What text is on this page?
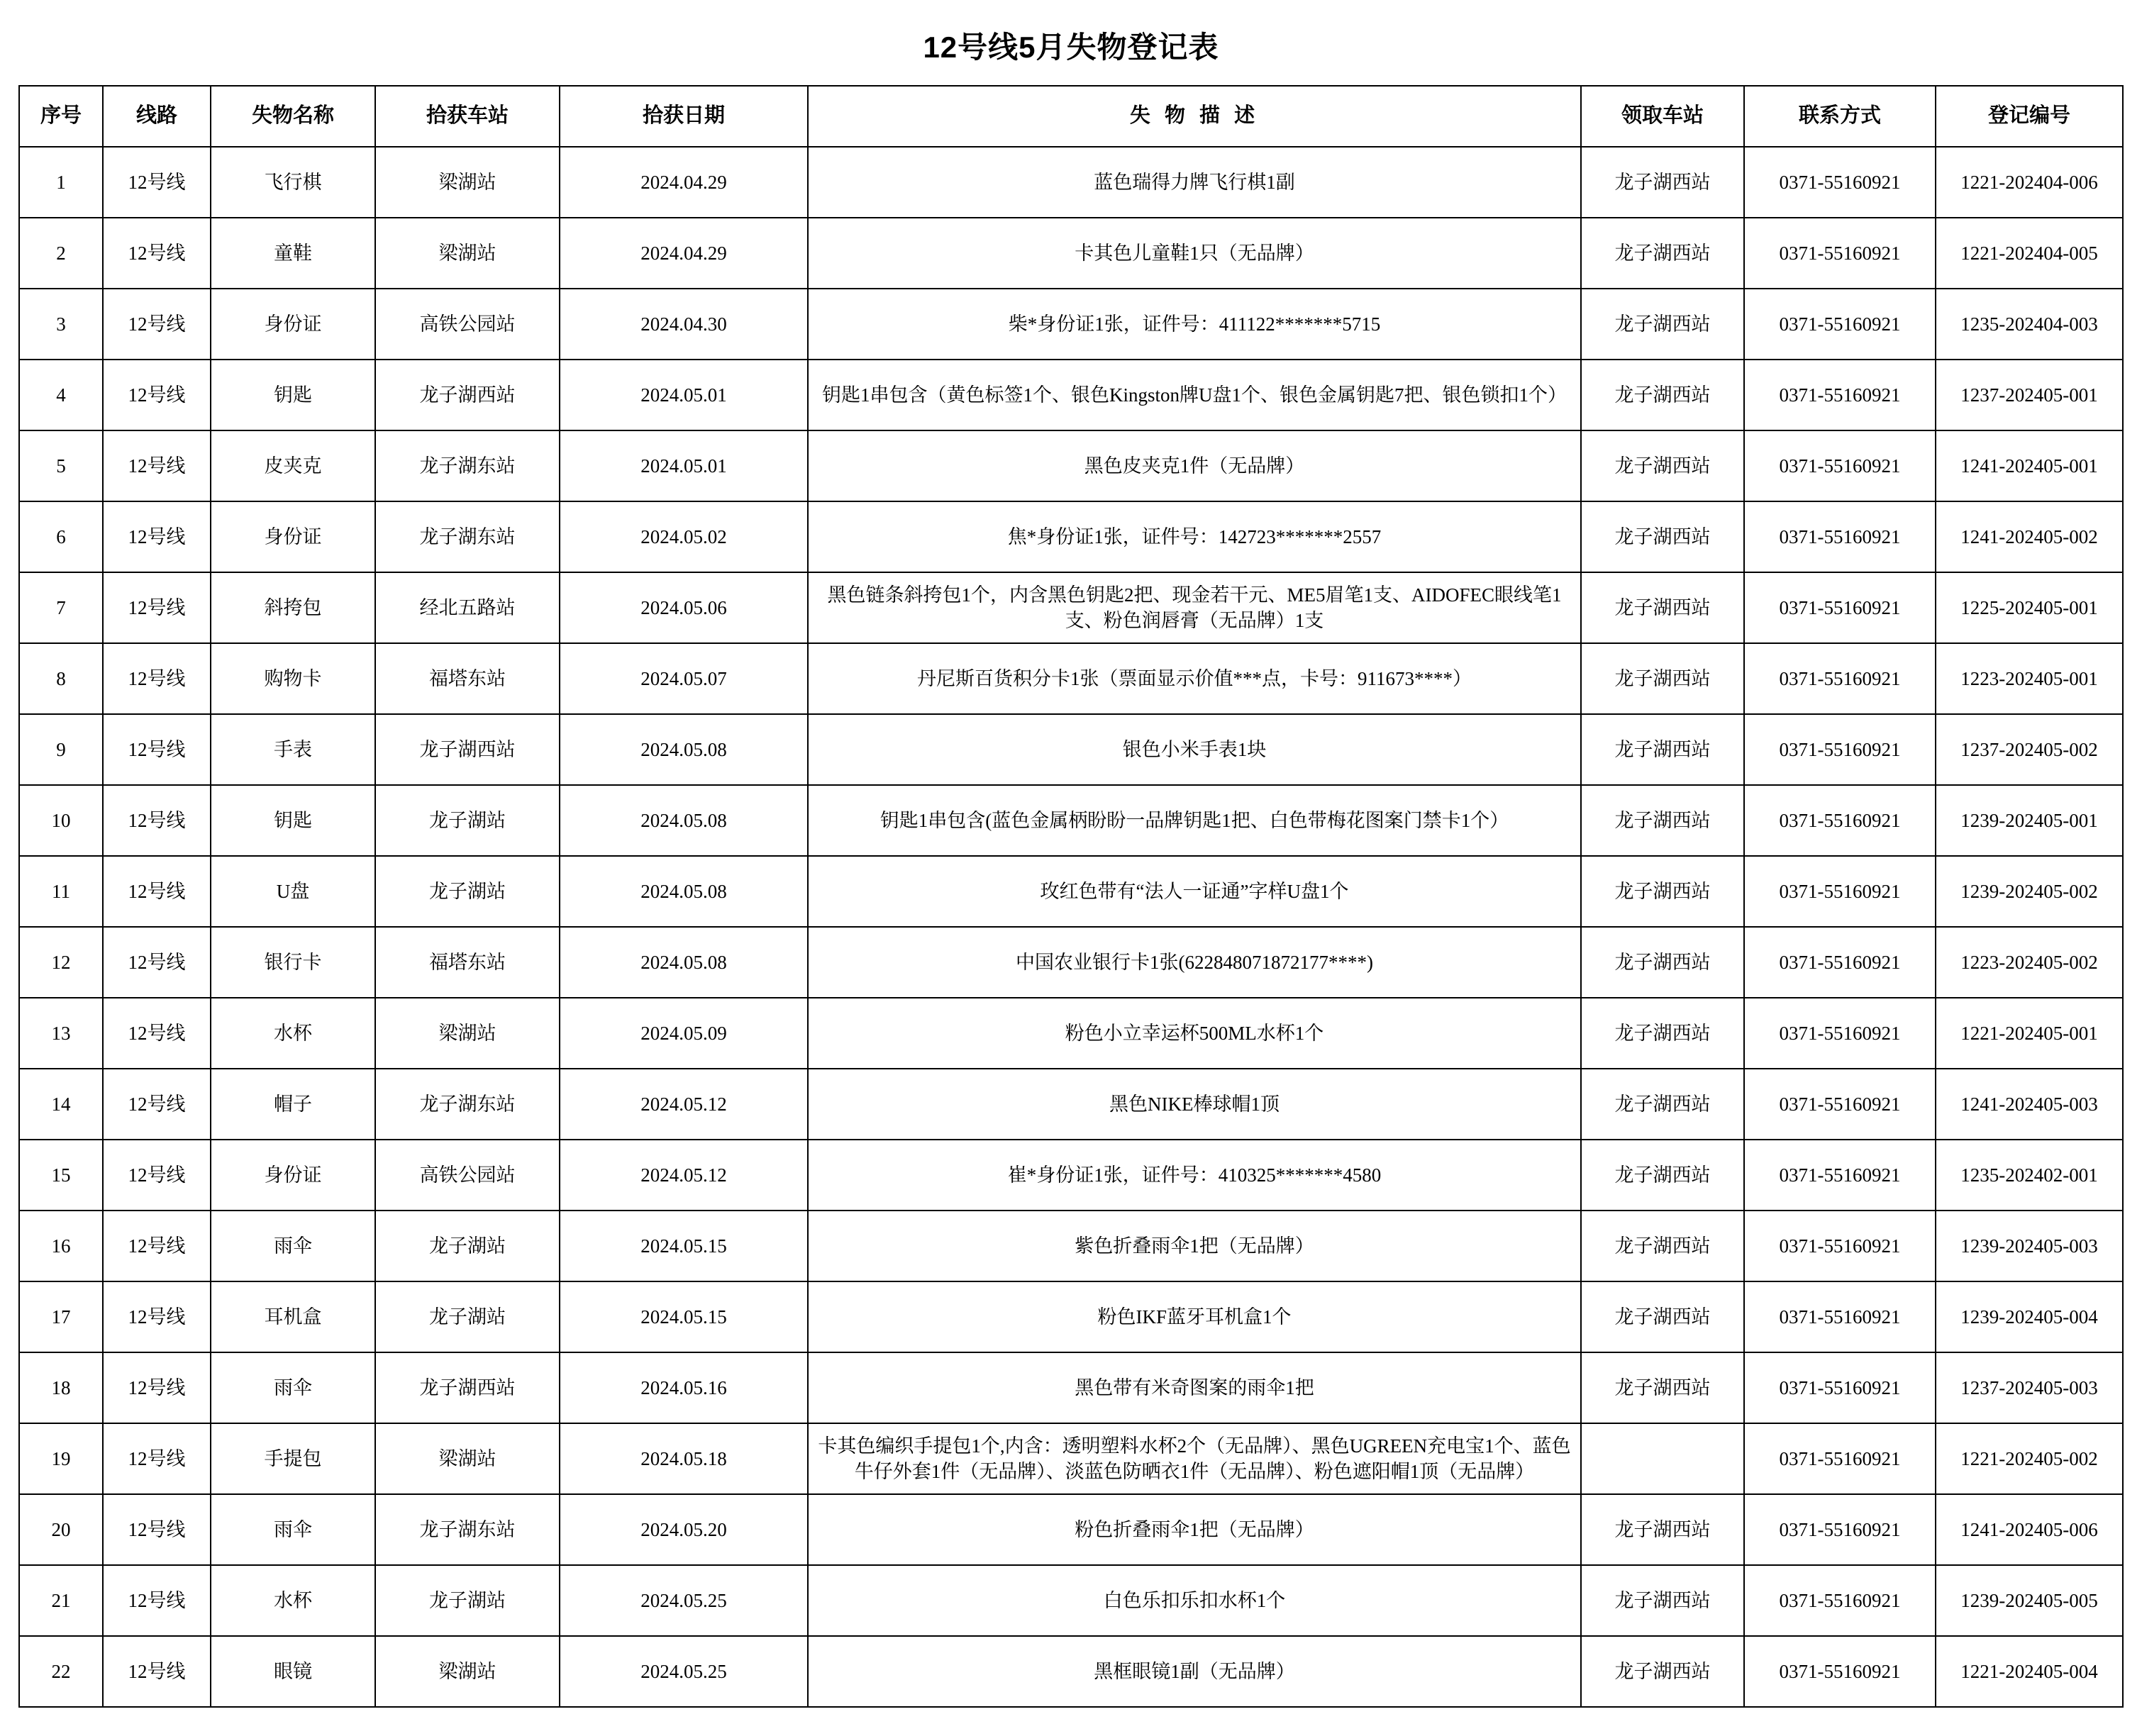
12号线5月失物登记表
序号	线路	失物名称	拾获车站	拾获日期	失 物 描 述	领取车站	联系方式	登记编号
1	12号线	飞行棋	梁湖站	2024.04.29	蓝色瑞得力牌飞行棋1副	龙子湖西站	0371-55160921	1221-202404-006
2	12号线	童鞋	梁湖站	2024.04.29	卡其色儿童鞋1只（无品牌）	龙子湖西站	0371-55160921	1221-202404-005
3	12号线	身份证	高铁公园站	2024.04.30	柴*身份证1张，证件号：411122*******5715	龙子湖西站	0371-55160921	1235-202404-003
4	12号线	钥匙	龙子湖西站	2024.05.01	钥匙1串包含（黄色标签1个、银色Kingston牌U盘1个、银色金属钥匙7把、银色锁扣1个）	龙子湖西站	0371-55160921	1237-202405-001
5	12号线	皮夹克	龙子湖东站	2024.05.01	黑色皮夹克1件（无品牌）	龙子湖西站	0371-55160921	1241-202405-001
6	12号线	身份证	龙子湖东站	2024.05.02	焦*身份证1张，证件号：142723*******2557	龙子湖西站	0371-55160921	1241-202405-002
7	12号线	斜挎包	经北五路站	2024.05.06	黑色链条斜挎包1个，内含黑色钥匙2把、现金若干元、ME5眉笔1支、AIDOFEC眼线笔1支、粉色润唇膏（无品牌）1支	龙子湖西站	0371-55160921	1225-202405-001
8	12号线	购物卡	福塔东站	2024.05.07	丹尼斯百货积分卡1张（票面显示价值***点，卡号：911673****）	龙子湖西站	0371-55160921	1223-202405-001
9	12号线	手表	龙子湖西站	2024.05.08	银色小米手表1块	龙子湖西站	0371-55160921	1237-202405-002
10	12号线	钥匙	龙子湖站	2024.05.08	钥匙1串包含(蓝色金属柄盼盼一品牌钥匙1把、白色带梅花图案门禁卡1个）	龙子湖西站	0371-55160921	1239-202405-001
11	12号线	U盘	龙子湖站	2024.05.08	玫红色带有“法人一证通”字样U盘1个	龙子湖西站	0371-55160921	1239-202405-002
12	12号线	银行卡	福塔东站	2024.05.08	中国农业银行卡1张(622848071872177****)	龙子湖西站	0371-55160921	1223-202405-002
13	12号线	水杯	梁湖站	2024.05.09	粉色小立幸运杯500ML水杯1个	龙子湖西站	0371-55160921	1221-202405-001
14	12号线	帽子	龙子湖东站	2024.05.12	黑色NIKE棒球帽1顶	龙子湖西站	0371-55160921	1241-202405-003
15	12号线	身份证	高铁公园站	2024.05.12	崔*身份证1张，证件号：410325*******4580	龙子湖西站	0371-55160921	1235-202402-001
16	12号线	雨伞	龙子湖站	2024.05.15	紫色折叠雨伞1把（无品牌）	龙子湖西站	0371-55160921	1239-202405-003
17	12号线	耳机盒	龙子湖站	2024.05.15	粉色IKF蓝牙耳机盒1个	龙子湖西站	0371-55160921	1239-202405-004
18	12号线	雨伞	龙子湖西站	2024.05.16	黑色带有米奇图案的雨伞1把	龙子湖西站	0371-55160921	1237-202405-003
19	12号线	手提包	梁湖站	2024.05.18	卡其色编织手提包1个,内含：透明塑料水杯2个（无品牌）、黑色UGREEN充电宝1个、蓝色牛仔外套1件（无品牌）、淡蓝色防晒衣1件（无品牌）、粉色遮阳帽1顶（无品牌）		0371-55160921	1221-202405-002
20	12号线	雨伞	龙子湖东站	2024.05.20	粉色折叠雨伞1把（无品牌）	龙子湖西站	0371-55160921	1241-202405-006
21	12号线	水杯	龙子湖站	2024.05.25	白色乐扣乐扣水杯1个	龙子湖西站	0371-55160921	1239-202405-005
22	12号线	眼镜	梁湖站	2024.05.25	黑框眼镜1副（无品牌）	龙子湖西站	0371-55160921	1221-202405-004
